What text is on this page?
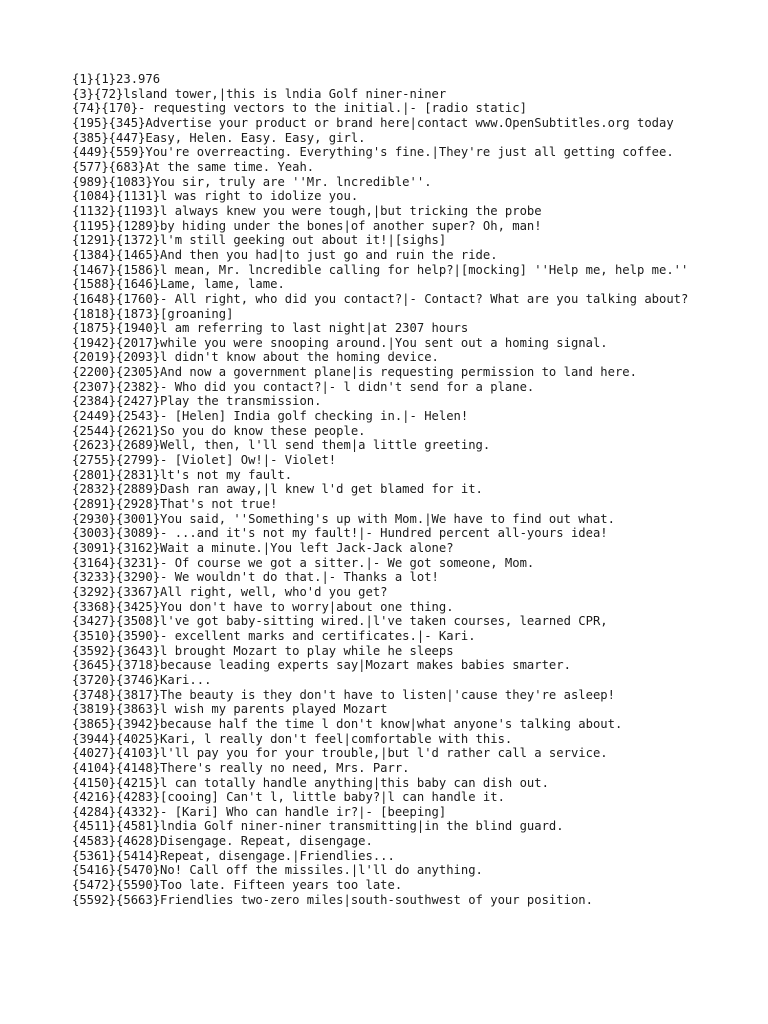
{1}{1}23.976
{3}{72}lsland tower,|this is lndia Golf niner-niner
{74}{170}- requesting vectors to the initial.|- [radio static]
{195}{345}Advertise your product or brand here|contact www.OpenSubtitles.org today
{385}{447}Easy, Helen. Easy. Easy, girl.
{449}{559}You're overreacting. Everything's fine.|They're just all getting coffee.
{577}{683}At the same time. Yeah.
{989}{1083}You sir, truly are ''Mr. lncredible''.
{1084}{1131}l was right to idolize you.
{1132}{1193}l always knew you were tough,|but tricking the probe
{1195}{1289}by hiding under the bones|of another super? Oh, man!
{1291}{1372}l'm still geeking out about it!|[sighs]
{1384}{1465}And then you had|to just go and ruin the ride.
{1467}{1586}l mean, Mr. lncredible calling for help?|[mocking] ''Help me, help me.''
{1588}{1646}Lame, lame, lame.
{1648}{1760}- All right, who did you contact?|- Contact? What are you talking about?
{1818}{1873}[groaning]
{1875}{1940}l am referring to last night|at 2307 hours
{1942}{2017}while you were snooping around.|You sent out a homing signal.
{2019}{2093}l didn't know about the homing device.
{2200}{2305}And now a government plane|is requesting permission to land here.
{2307}{2382}- Who did you contact?|- l didn't send for a plane.
{2384}{2427}Play the transmission.
{2449}{2543}- [Helen] India golf checking in.|- Helen!
{2544}{2621}So you do know these people.
{2623}{2689}Well, then, l'll send them|a little greeting.
{2755}{2799}- [Violet] Ow!|- Violet!
{2801}{2831}lt's not my fault.
{2832}{2889}Dash ran away,|l knew l'd get blamed for it.
{2891}{2928}That's not true!
{2930}{3001}You said, ''Something's up with Mom.|We have to find out what.
{3003}{3089}- ...and it's not my fault!|- Hundred percent all-yours idea!
{3091}{3162}Wait a minute.|You left Jack-Jack alone?
{3164}{3231}- Of course we got a sitter.|- We got someone, Mom.
{3233}{3290}- We wouldn't do that.|- Thanks a lot!
{3292}{3367}All right, well, who'd you get?
{3368}{3425}You don't have to worry|about one thing.
{3427}{3508}l've got baby-sitting wired.|l've taken courses, learned CPR,
{3510}{3590}- excellent marks and certificates.|- Kari.
{3592}{3643}l brought Mozart to play while he sleeps
{3645}{3718}because leading experts say|Mozart makes babies smarter.
{3720}{3746}Kari...
{3748}{3817}The beauty is they don't have to listen|'cause they're asleep!
{3819}{3863}l wish my parents played Mozart
{3865}{3942}because half the time l don't know|what anyone's talking about.
{3944}{4025}Kari, l really don't feel|comfortable with this.
{4027}{4103}l'll pay you for your trouble,|but l'd rather call a service.
{4104}{4148}There's really no need, Mrs. Parr.
{4150}{4215}l can totally handle anything|this baby can dish out.
{4216}{4283}[cooing] Can't l, little baby?|l can handle it.
{4284}{4332}- [Kari] Who can handle ir?|- [beeping]
{4511}{4581}lndia Golf niner-niner transmitting|in the blind guard.
{4583}{4628}Disengage. Repeat, disengage.
{5361}{5414}Repeat, disengage.|Friendlies...
{5416}{5470}No! Call off the missiles.|l'll do anything.
{5472}{5590}Too late. Fifteen years too late.
{5592}{5663}Friendlies two-zero miles|south-southwest of your position.
